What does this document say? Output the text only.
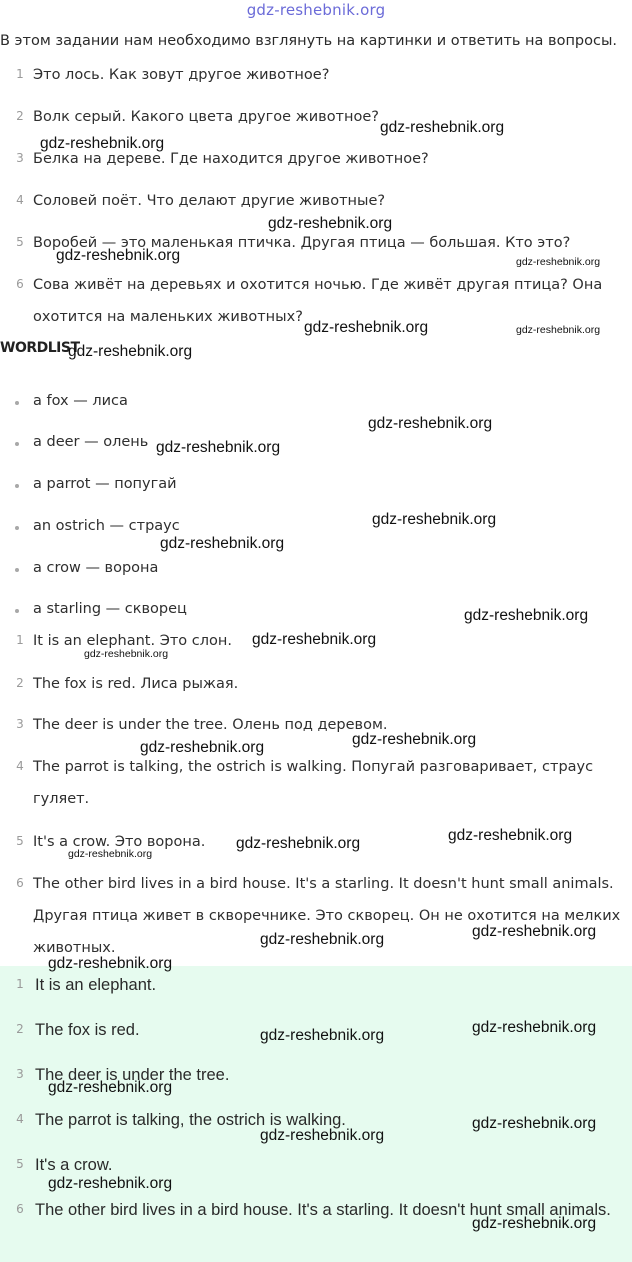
gdz-reshebnik.org
В этом задании нам необходимо взглянуть на картинки и ответить на вопросы.
1 Это лось. Как зовут другое животное?
2 Волк серый. Какого цвета другое животное?
3 Белка на дереве. Где находится другое животное?
4 Соловей поёт. Что делают другие животные?
5 Воробей — это маленькая птичка. Другая птица — большая. Кто это?
6 Сова живёт на деревьях и охотится ночью. Где живёт другая птица? Она охотится на маленьких животных?
WORDLIST
a fox — лиса
a deer — олень
a parrot — попугай
an ostrich — страус
a crow — ворона
a starling — скворец
1 It is an elephant. Это слон.
2 The fox is red. Лиса рыжая.
3 The deer is under the tree. Олень под деревом.
4 The parrot is talking, the ostrich is walking. Попугай разговаривает, страус гуляет.
5 It's a crow. Это ворона.
6 The other bird lives in a bird house. It's a starling. It doesn't hunt small animals. Другая птица живет в скворечнике. Это скворец. Он не охотится на мелких животных.
1 It is an elephant.
2 The fox is red.
3 The deer is under the tree.
4 The parrot is talking, the ostrich is walking.
5 It's a crow.
6 The other bird lives in a bird house. It's a starling. It doesn't hunt small animals.
gdz-reshebnik.org
gdz-reshebnik.org
gdz-reshebnik.org
gdz-reshebnik.org	gdz-reshebnik.org
gdz-reshebnik.org	gdz-reshebnik.org
gdz-reshebnik.org
gdz-reshebnik.org
gdz-reshebnik.org
gdz-reshebnik.org
gdz-reshebnik.org
gdz-reshebnik.org
gdz-reshebnik.org
gdz-reshebnik.org
gdz-reshebnik.org
gdz-reshebnik.org
gdz-reshebnik.org
gdz-reshebnik.org
gdz-reshebnik.org
gdz-reshebnik.org
gdz-reshebnik.org
gdz-reshebnik.org
gdz-reshebnik.org
gdz-reshebnik.org
gdz-reshebnik.org
gdz-reshebnik.org
gdz-reshebnik.org
gdz-reshebnik.org
gdz-reshebnik.org
